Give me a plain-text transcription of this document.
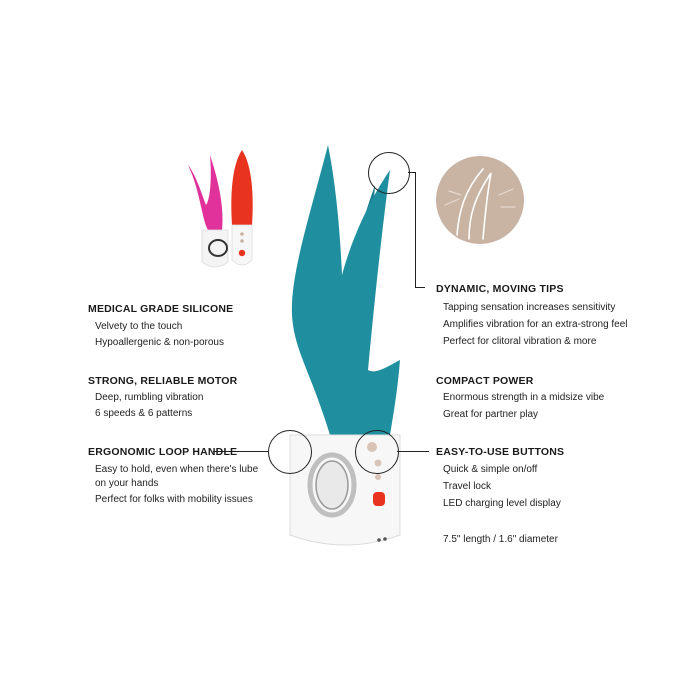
MEDICAL GRADE SILICONE
Velvety to the touch
Hypoallergenic & non-porous
STRONG, RELIABLE MOTOR
Deep, rumbling vibration
6 speeds & 6 patterns
ERGONOMIC LOOP HANDLE
Easy to hold, even when there's lube
on your hands
Perfect for folks with mobility issues
DYNAMIC, MOVING TIPS
Tapping sensation increases sensitivity
Amplifies vibration for an extra-strong feel
Perfect for clitoral vibration & more
COMPACT POWER
Enormous strength in a midsize vibe
Great for partner play
EASY-TO-USE BUTTONS
Quick & simple on/off
Travel lock
LED charging level display
7.5" length / 1.6" diameter
